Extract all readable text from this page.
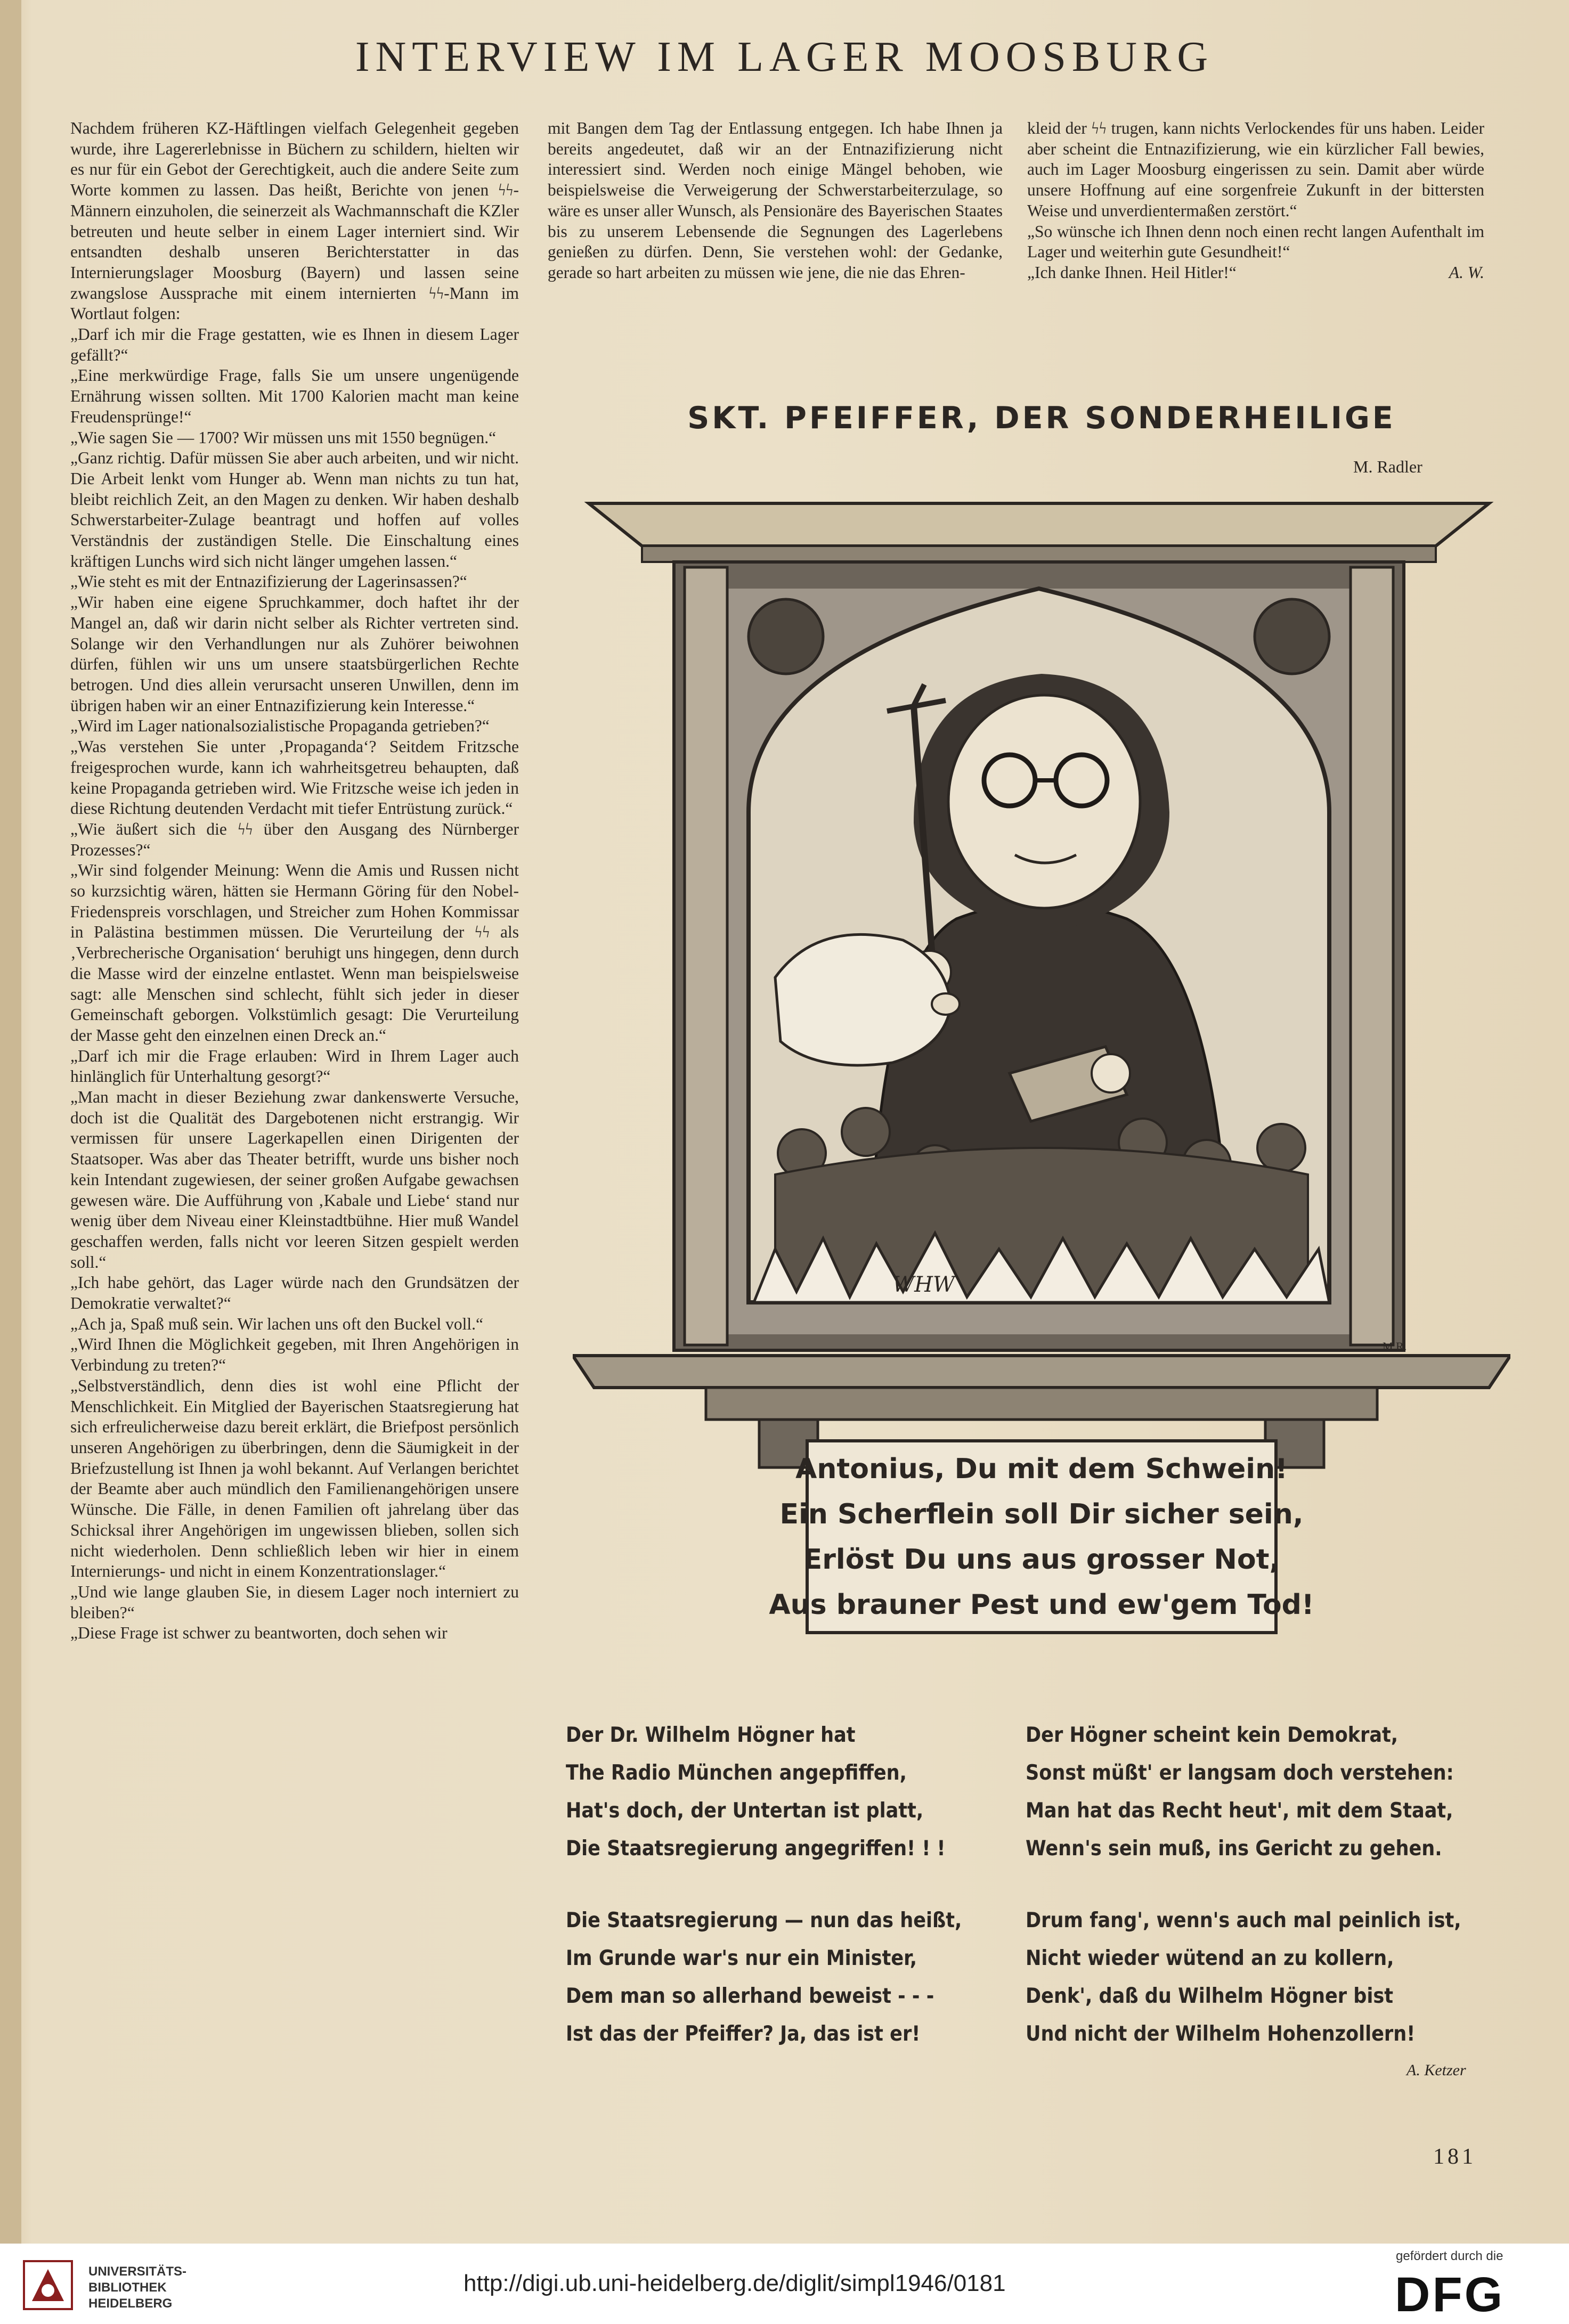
INTERVIEW IM LAGER MOOSBURG

Nachdem früheren KZ-Häftlingen vielfach Gelegenheit gegeben wurde, ihre Lagererlebnisse in Büchern zu schildern, hielten wir es nur für ein Gebot der Gerechtigkeit, auch die andere Seite zum Worte kommen zu lassen. Das heißt, Berichte von jenen ϟϟ-Männern einzuholen, die seinerzeit als Wachmannschaft die KZler betreuten und heute selber in einem Lager interniert sind. Wir entsandten deshalb unseren Berichterstatter in das Internierungslager Moosburg (Bayern) und lassen seine zwangslose Aussprache mit einem internierten ϟϟ-Mann im Wortlaut folgen:

„Darf ich mir die Frage gestatten, wie es Ihnen in diesem Lager gefällt?“

„Eine merkwürdige Frage, falls Sie um unsere ungenügende Ernährung wissen sollten. Mit 1700 Kalorien macht man keine Freudensprünge!“

„Wie sagen Sie — 1700? Wir müssen uns mit 1550 begnügen.“

„Ganz richtig. Dafür müssen Sie aber auch arbeiten, und wir nicht. Die Arbeit lenkt vom Hunger ab. Wenn man nichts zu tun hat, bleibt reichlich Zeit, an den Magen zu denken. Wir haben deshalb Schwerstarbeiter-Zulage beantragt und hoffen auf volles Verständnis der zuständigen Stelle. Die Einschaltung eines kräftigen Lunchs wird sich nicht länger umgehen lassen.“

„Wie steht es mit der Entnazifizierung der Lagerinsassen?“

„Wir haben eine eigene Spruchkammer, doch haftet ihr der Mangel an, daß wir darin nicht selber als Richter vertreten sind. Solange wir den Verhandlungen nur als Zuhörer beiwohnen dürfen, fühlen wir uns um unsere staatsbürgerlichen Rechte betrogen. Und dies allein verursacht unseren Unwillen, denn im übrigen haben wir an einer Entnazifizierung kein Interesse.“

„Wird im Lager nationalsozialistische Propaganda getrieben?“

„Was verstehen Sie unter ‚Propaganda‘? Seitdem Fritzsche freigesprochen wurde, kann ich wahrheitsgetreu behaupten, daß keine Propaganda getrieben wird. Wie Fritzsche weise ich jeden in diese Richtung deutenden Verdacht mit tiefer Entrüstung zurück.“

„Wie äußert sich die ϟϟ über den Ausgang des Nürnberger Prozesses?“

„Wir sind folgender Meinung: Wenn die Amis und Russen nicht so kurzsichtig wären, hätten sie Hermann Göring für den Nobel-Friedenspreis vorschlagen, und Streicher zum Hohen Kommissar in Palästina bestimmen müssen. Die Verurteilung der ϟϟ als ‚Verbrecherische Organisation‘ beruhigt uns hingegen, denn durch die Masse wird der einzelne entlastet. Wenn man beispielsweise sagt: alle Menschen sind schlecht, fühlt sich jeder in dieser Gemeinschaft geborgen. Volkstümlich gesagt: Die Verurteilung der Masse geht den einzelnen einen Dreck an.“

„Darf ich mir die Frage erlauben: Wird in Ihrem Lager auch hinlänglich für Unterhaltung gesorgt?“

„Man macht in dieser Beziehung zwar dankenswerte Versuche, doch ist die Qualität des Dargebotenen nicht erstrangig. Wir vermissen für unsere Lagerkapellen einen Dirigenten der Staatsoper. Was aber das Theater betrifft, wurde uns bisher noch kein Intendant zugewiesen, der seiner großen Aufgabe gewachsen gewesen wäre. Die Aufführung von ‚Kabale und Liebe‘ stand nur wenig über dem Niveau einer Kleinstadtbühne. Hier muß Wandel geschaffen werden, falls nicht vor leeren Sitzen gespielt werden soll.“

„Ich habe gehört, das Lager würde nach den Grundsätzen der Demokratie verwaltet?“

„Ach ja, Spaß muß sein. Wir lachen uns oft den Buckel voll.“

„Wird Ihnen die Möglichkeit gegeben, mit Ihren Angehörigen in Verbindung zu treten?“

„Selbstverständlich, denn dies ist wohl eine Pflicht der Menschlichkeit. Ein Mitglied der Bayerischen Staatsregierung hat sich erfreulicherweise dazu bereit erklärt, die Briefpost persönlich unseren Angehörigen zu überbringen, denn die Säumigkeit in der Briefzustellung ist Ihnen ja wohl bekannt. Auf Verlangen berichtet der Beamte aber auch mündlich den Familienangehörigen unsere Wünsche. Die Fälle, in denen Familien oft jahrelang über das Schicksal ihrer Angehörigen im ungewissen blieben, sollen sich nicht wiederholen. Denn schließlich leben wir hier in einem Internierungs- und nicht in einem Konzentrationslager.“

„Und wie lange glauben Sie, in diesem Lager noch interniert zu bleiben?“

„Diese Frage ist schwer zu beantworten, doch sehen wir

mit Bangen dem Tag der Entlassung entgegen. Ich habe Ihnen ja bereits angedeutet, daß wir an der Entnazifizierung nicht interessiert sind. Werden noch einige Mängel behoben, wie beispielsweise die Verweigerung der Schwerstarbeiterzulage, so wäre es unser aller Wunsch, als Pensionäre des Bayerischen Staates bis zu unserem Lebensende die Segnungen des Lagerlebens genießen zu dürfen. Denn, Sie verstehen wohl: der Gedanke, gerade so hart arbeiten zu müssen wie jene, die nie das Ehren-

kleid der ϟϟ trugen, kann nichts Verlockendes für uns haben. Leider aber scheint die Entnazifizierung, wie ein kürzlicher Fall bewies, auch im Lager Moosburg eingerissen zu sein. Damit aber würde unsere Hoffnung auf eine sorgenfreie Zukunft in der bittersten Weise und unverdientermaßen zerstört.“

„So wünsche ich Ihnen denn noch einen recht langen Aufenthalt im Lager und weiterhin gute Gesundheit!“

„Ich danke Ihnen. Heil Hitler!“	A. W.

SKT. PFEIFFER, DER SONDERHEILIGE
M. Radler
WHW
M.R.
Antonius, Du mit dem Schwein!
Ein Scherflein soll Dir sicher sein,
Erlöst Du uns aus grosser Not,
Aus brauner Pest und ew'gem Tod!
Der Dr. Wilhelm Högner hat
The Radio München angepfiffen,
Hat's doch, der Untertan ist platt,
Die Staatsregierung angegriffen! ! !
Der Högner scheint kein Demokrat,
Sonst müßt' er langsam doch verstehen:
Man hat das Recht heut', mit dem Staat,
Wenn's sein muß, ins Gericht zu gehen.
Die Staatsregierung — nun das heißt,
Im Grunde war's nur ein Minister,
Dem man so allerhand beweist - - -
Ist das der Pfeiffer? Ja, das ist er!
Drum fang', wenn's auch mal peinlich ist,
Nicht wieder wütend an zu kollern,
Denk', daß du Wilhelm Högner bist
Und nicht der Wilhelm Hohenzollern!
A. Ketzer
181
UNIVERSITÄTS-
BIBLIOTHEK
HEIDELBERG
http://digi.ub.uni-heidelberg.de/diglit/simpl1946/0181
gefördert durch die
DFG
